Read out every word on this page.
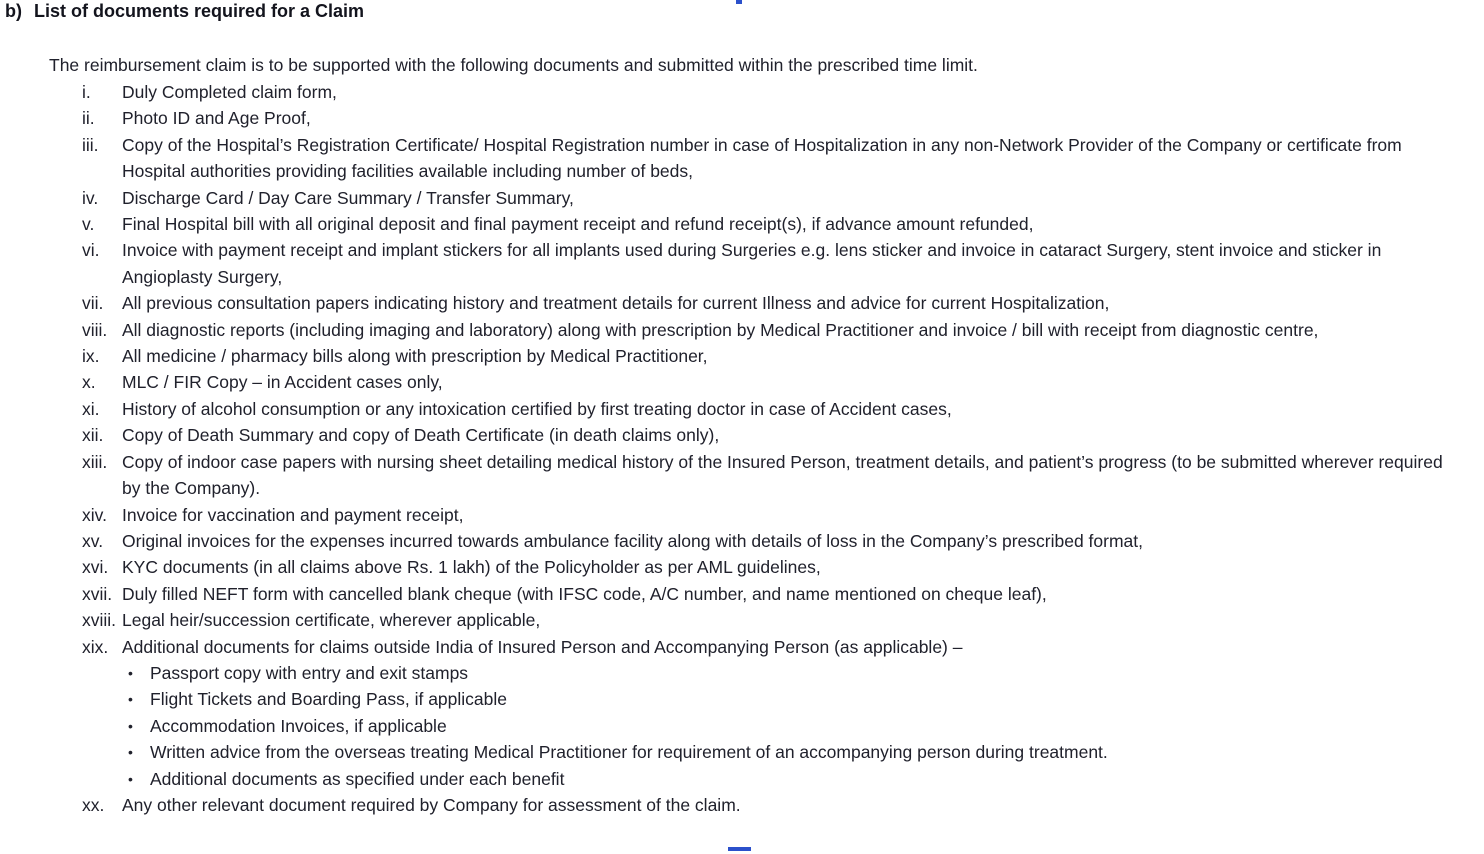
b) List of documents required for a Claim
The reimbursement claim is to be supported with the following documents and submitted within the prescribed time limit.
i.	Duly Completed claim form,
ii.	Photo ID and Age Proof,
iii.	Copy of the Hospital’s Registration Certificate/ Hospital Registration number in case of Hospitalization in any non-Network Provider of the Company or certificate from Hospital authorities providing facilities available including number of beds,
iv.	Discharge Card / Day Care Summary / Transfer Summary,
v.	Final Hospital bill with all original deposit and final payment receipt and refund receipt(s), if advance amount refunded,
vi.	Invoice with payment receipt and implant stickers for all implants used during Surgeries e.g. lens sticker and invoice in cataract Surgery, stent invoice and sticker in Angioplasty Surgery,
vii.	All previous consultation papers indicating history and treatment details for current Illness and advice for current Hospitalization,
viii. All diagnostic reports (including imaging and laboratory) along with prescription by Medical Practitioner and invoice / bill with receipt from diagnostic centre,
ix.	All medicine / pharmacy bills along with prescription by Medical Practitioner,
x.	MLC / FIR Copy – in Accident cases only,
xi.	History of alcohol consumption or any intoxication certified by first treating doctor in case of Accident cases,
xii.	Copy of Death Summary and copy of Death Certificate (in death claims only),
xiii. Copy of indoor case papers with nursing sheet detailing medical history of the Insured Person, treatment details, and patient’s progress (to be submitted wherever required by the Company).
xiv. Invoice for vaccination and payment receipt,
xv.	Original invoices for the expenses incurred towards ambulance facility along with details of loss in the Company’s prescribed format,
xvi. KYC documents (in all claims above Rs. 1 lakh) of the Policyholder as per AML guidelines,
xvii. Duly filled NEFT form with cancelled blank cheque (with IFSC code, A/C number, and name mentioned on cheque leaf),
xviii. Legal heir/succession certificate, wherever applicable,
xix. Additional documents for claims outside India of Insured Person and Accompanying Person (as applicable) –
• Passport copy with entry and exit stamps
• Flight Tickets and Boarding Pass, if applicable
• Accommodation Invoices, if applicable
• Written advice from the overseas treating Medical Practitioner for requirement of an accompanying person during treatment.
• Additional documents as specified under each benefit
xx.	Any other relevant document required by Company for assessment of the claim.
